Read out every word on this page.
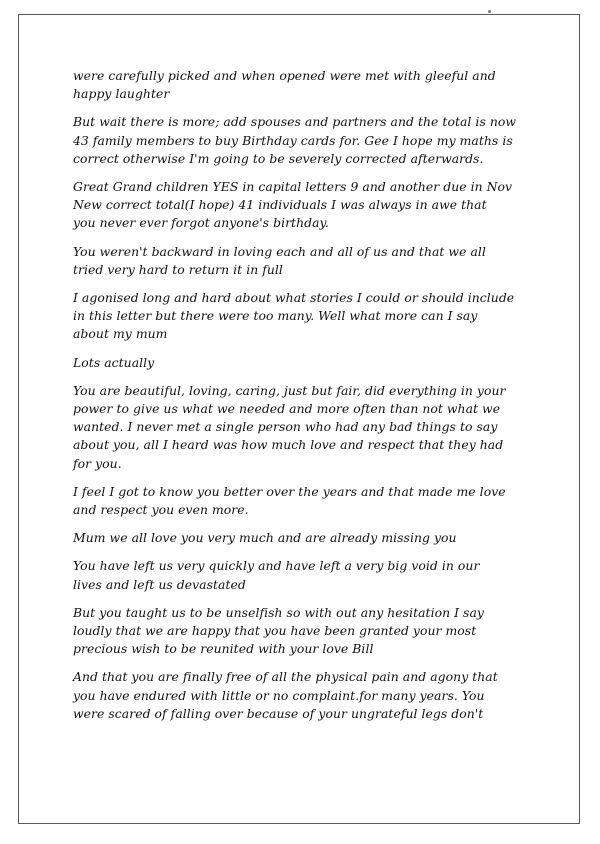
were carefully picked and when opened were met with gleeful and
happy laughter

But wait there is more; add spouses and partners and the total is now
43 family members to buy Birthday cards for. Gee I hope my maths is
correct otherwise I'm going to be severely corrected afterwards.

Great Grand children YES in capital letters 9 and another due in Nov
New correct total(I hope) 41 individuals I was always in awe that
you never ever forgot anyone's birthday.

You weren't backward in loving each and all of us and that we all
tried very hard to return it in full

I agonised long and hard about what stories I could or should include
in this letter but there were too many. Well what more can I say
about my mum

Lots actually

You are beautiful, loving, caring, just but fair, did everything in your
power to give us what we needed and more often than not what we
wanted. I never met a single person who had any bad things to say
about you, all I heard was how much love and respect that they had
for you.

I feel I got to know you better over the years and that made me love
and respect you even more.

Mum we all love you very much and are already missing you

You have left us very quickly and have left a very big void in our
lives and left us devastated

But you taught us to be unselfish so with out any hesitation I say
loudly that we are happy that you have been granted your most
precious wish to be reunited with your love Bill

And that you are finally free of all the physical pain and agony that
you have endured with little or no complaint.for many years. You
were scared of falling over because of your ungrateful legs don't
